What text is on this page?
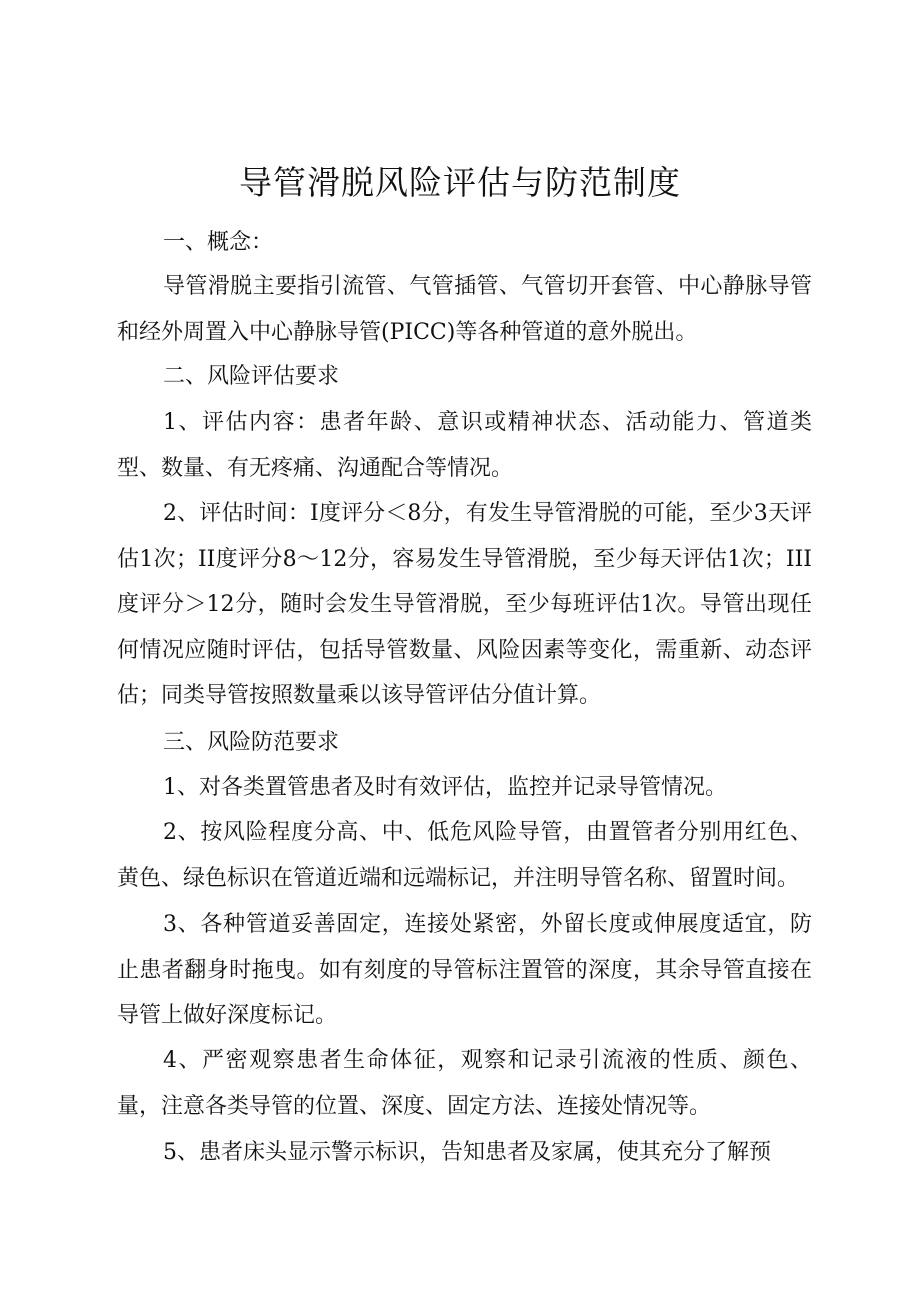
导管滑脱风险评估与防范制度

一、概念：

导管滑脱主要指引流管、气管插管、气管切开套管、中心静脉导管和经外周置入中心静脉导管(PICC)等各种管道的意外脱出。

二、风险评估要求

1、评估内容：患者年龄、意识或精神状态、活动能力、管道类型、数量、有无疼痛、沟通配合等情况。

2、评估时间：I度评分＜8分，有发生导管滑脱的可能，至少3天评估1次；II度评分8～12分，容易发生导管滑脱，至少每天评估1次；III度评分＞12分，随时会发生导管滑脱，至少每班评估1次。导管出现任何情况应随时评估，包括导管数量、风险因素等变化，需重新、动态评估；同类导管按照数量乘以该导管评估分值计算。

三、风险防范要求

1、对各类置管患者及时有效评估，监控并记录导管情况。

2、按风险程度分高、中、低危风险导管，由置管者分别用红色、黄色、绿色标识在管道近端和远端标记，并注明导管名称、留置时间。

3、各种管道妥善固定，连接处紧密，外留长度或伸展度适宜，防止患者翻身时拖曳。如有刻度的导管标注置管的深度，其余导管直接在导管上做好深度标记。

4、严密观察患者生命体征，观察和记录引流液的性质、颜色、量，注意各类导管的位置、深度、固定方法、连接处情况等。

5、患者床头显示警示标识，告知患者及家属，使其充分了解预
